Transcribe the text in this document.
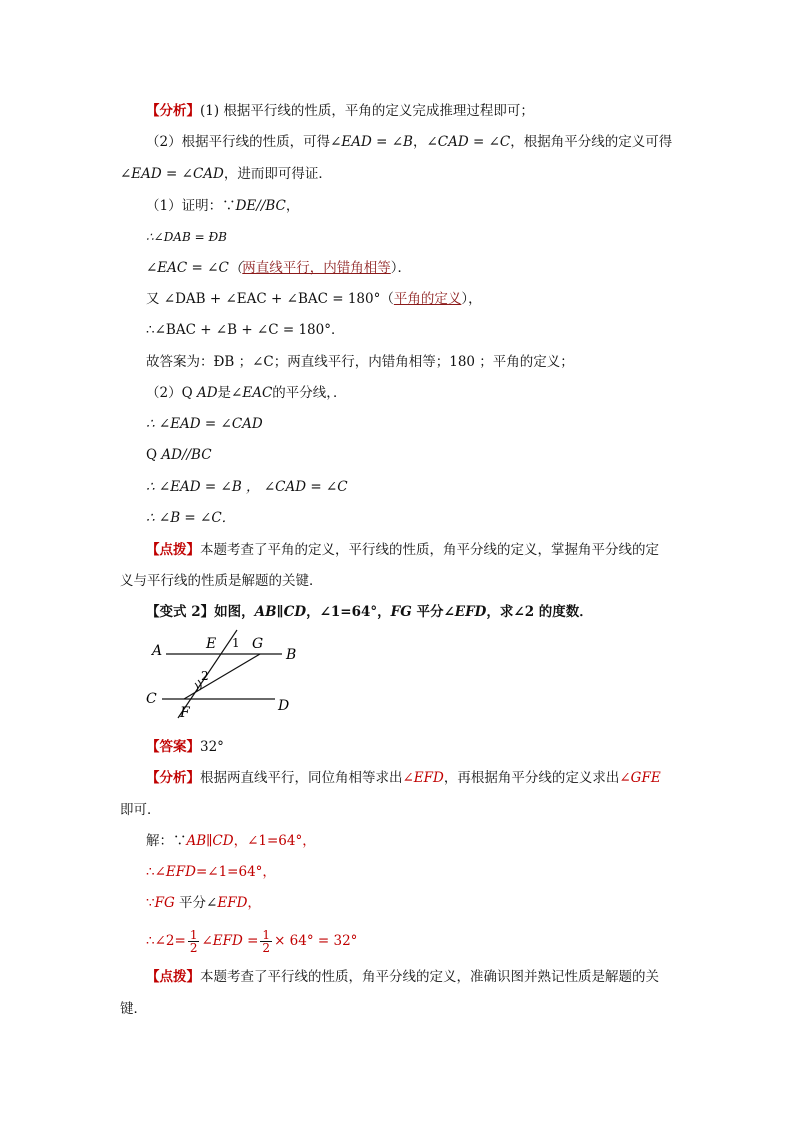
【分析】(1) 根据平行线的性质，平角的定义完成推理过程即可；
（2）根据平行线的性质，可得∠EAD = ∠B，∠CAD = ∠C，根据角平分线的定义可得
∠EAD = ∠CAD，进而即可得证．
（1）证明：∵DE//BC，
∴∠DAB = ÐB
∠EAC = ∠C（两直线平行，内错角相等）．
又 ∠DAB + ∠EAC + ∠BAC = 180°（平角的定义），
∴∠BAC + ∠B + ∠C = 180°．
故答案为：ÐB ；∠C；两直线平行，内错角相等；180 ；平角的定义；
（2）Q AD是∠EAC的平分线，．
∴ ∠EAD = ∠CAD
Q AD//BC
∴ ∠EAD = ∠B ， ∠CAD = ∠C
∴ ∠B = ∠C．
【点拨】本题考查了平角的定义，平行线的性质，角平分线的定义，掌握角平分线的定
义与平行线的性质是解题的关键．
【变式 2】如图，AB∥CD，∠1=64°，FG 平分∠EFD，求∠2 的度数．
A	B
C	D
E
F
G
1
2
【答案】32°
【分析】根据两直线平行，同位角相等求出∠EFD，再根据角平分线的定义求出∠GFE
即可．
解：∵AB∥CD，∠1=64°，
∴∠EFD=∠1=64°，
∵FG 平分∠EFD，
∴∠2= $\frac{1}{2}$ ∠EFD = $\frac{1}{2} \times 64^\circ = 32^\circ$
【点拨】本题考查了平行线的性质，角平分线的定义，准确识图并熟记性质是解题的关
键．
